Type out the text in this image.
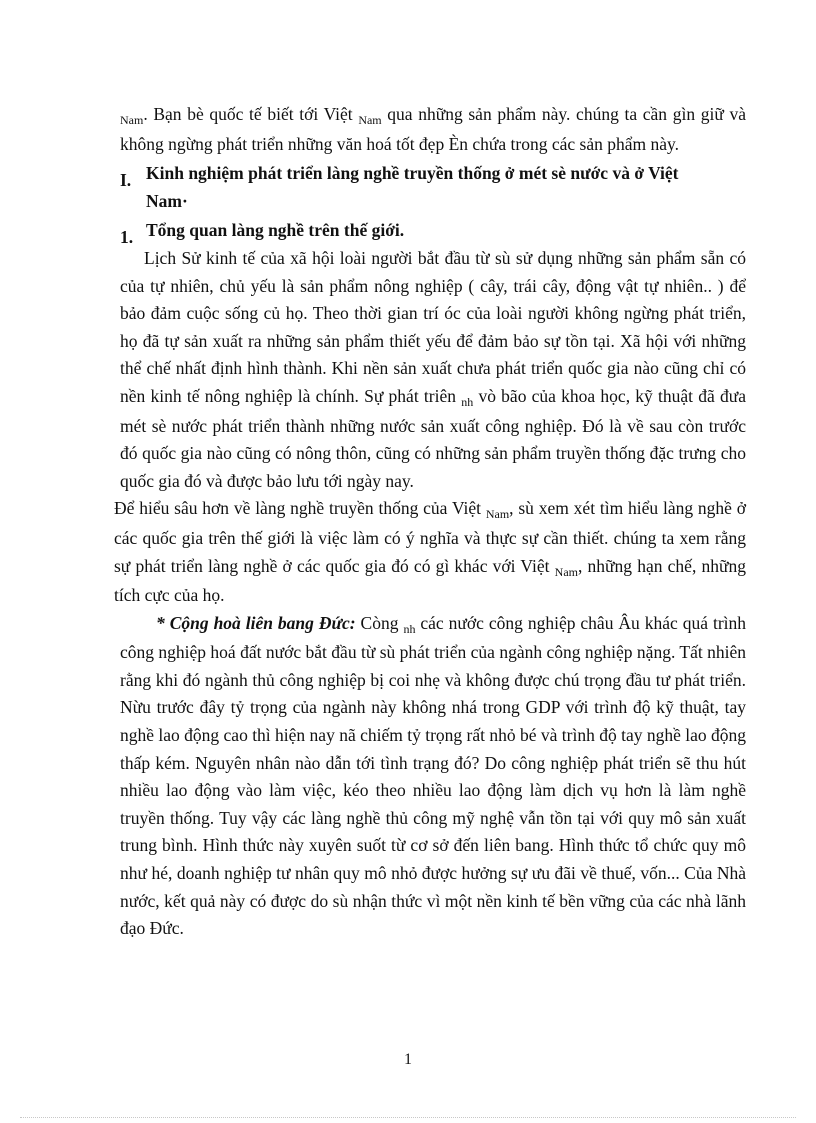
$_{Nam}$. Bạn bè quốc tế biết tới Việt $_{Nam}$ qua những sản phẩm này. chúng ta cần gìn giữ và không ngừng phát triển những văn hoá tốt đẹp Èn chứa trong các sản phẩm này.

I. Kinh nghiệm phát triển làng nghề truyền thống ở mét sè nước và ở Việt
Nam·
1. Tổng quan làng nghề trên thế giới.

Lịch Sử kinh tế của xã hội loài người bắt đầu từ sù sử dụng những sản phẩm sẵn có của tự nhiên, chủ yếu là sản phẩm nông nghiệp ( cây, trái cây, động vật tự nhiên.. ) để bảo đảm cuộc sống củ họ. Theo thời gian trí óc của loài người không ngừng phát triển, họ đã tự sản xuất ra những sản phẩm thiết yếu để đảm bảo sự tồn tại. Xã hội với những thể chế nhất định hình thành. Khi nền sản xuất chưa phát triển quốc gia nào cũng chỉ có nền kinh tế nông nghiệp là chính. Sự phát triên $_{nh}$ vò bão của khoa học, kỹ thuật đã đưa mét sè nước phát triển thành những nước sản xuất công nghiệp. Đó là về sau còn trước đó quốc gia nào cũng có nông thôn, cũng có những sản phẩm truyền thống đặc trưng cho quốc gia đó và được bảo lưu tới ngày nay.

Để hiểu sâu hơn về làng nghề truyền thống của Việt $_{Nam}$, sù xem xét tìm hiểu làng nghề ở các quốc gia trên thế giới là việc làm có ý nghĩa và thực sự cần thiết. chúng ta xem rằng sự phát triển làng nghề ở các quốc gia đó có gì khác với Việt $_{Nam}$, những hạn chế, những tích cực của họ.

* Cộng hoà liên bang Đức: Còng $_{nh}$ các nước công nghiệp châu Âu khác quá trình công nghiệp hoá đất nước bắt đầu từ sù phát triển của ngành công nghiệp nặng. Tất nhiên rằng khi đó ngành thủ công nghiệp bị coi nhẹ và không được chú trọng đầu tư phát triển. Nừu trước đây tỷ trọng của ngành này không nhá trong GDP với trình độ kỹ thuật, tay nghề lao động cao thì hiện nay nã chiếm tỷ trọng rất nhỏ bé và trình độ tay nghề lao động thấp kém. Nguyên nhân nào dẫn tới tình trạng đó? Do công nghiệp phát triển sẽ thu hút nhiều lao động vào làm việc, kéo theo nhiều lao động làm dịch vụ hơn là làm nghề truyền thống. Tuy vậy các làng nghề thủ công mỹ nghệ vẫn tồn tại với quy mô sản xuất trung bình. Hình thức này xuyên suốt từ cơ sở đến liên bang. Hình thức tổ chức quy mô như hé, doanh nghiệp tư nhân quy mô nhỏ được hưởng sự ưu đãi về thuế, vốn... Của Nhà nước, kết quả này có được do sù nhận thức vì một nền kinh tế bền vững của các nhà lãnh đạo Đức.

1
